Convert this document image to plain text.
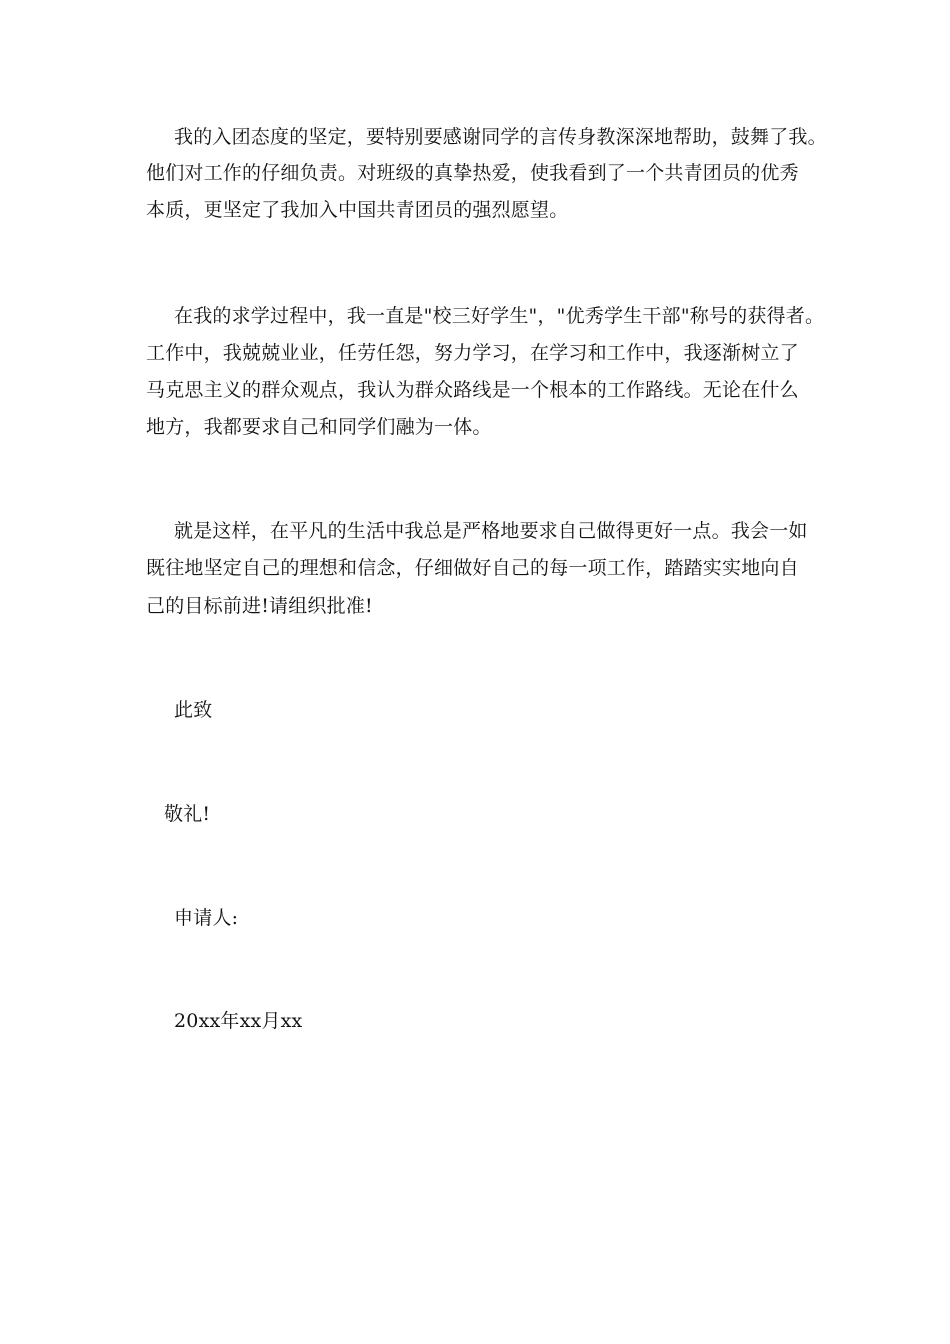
我的入团态度的坚定，要特别要感谢同学的言传身教深深地帮助，鼓舞了我。
他们对工作的仔细负责。对班级的真挚热爱，使我看到了一个共青团员的优秀
本质，更坚定了我加入中国共青团员的强烈愿望。
在我的求学过程中，我一直是"校三好学生"，"优秀学生干部"称号的获得者。
工作中，我兢兢业业，任劳任怨，努力学习，在学习和工作中，我逐渐树立了
马克思主义的群众观点，我认为群众路线是一个根本的工作路线。无论在什么
地方，我都要求自己和同学们融为一体。
就是这样，在平凡的生活中我总是严格地要求自己做得更好一点。我会一如
既往地坚定自己的理想和信念，仔细做好自己的每一项工作，踏踏实实地向自
己的目标前进!请组织批准!
此致
敬礼!
申请人:
20xx年xx月xx
